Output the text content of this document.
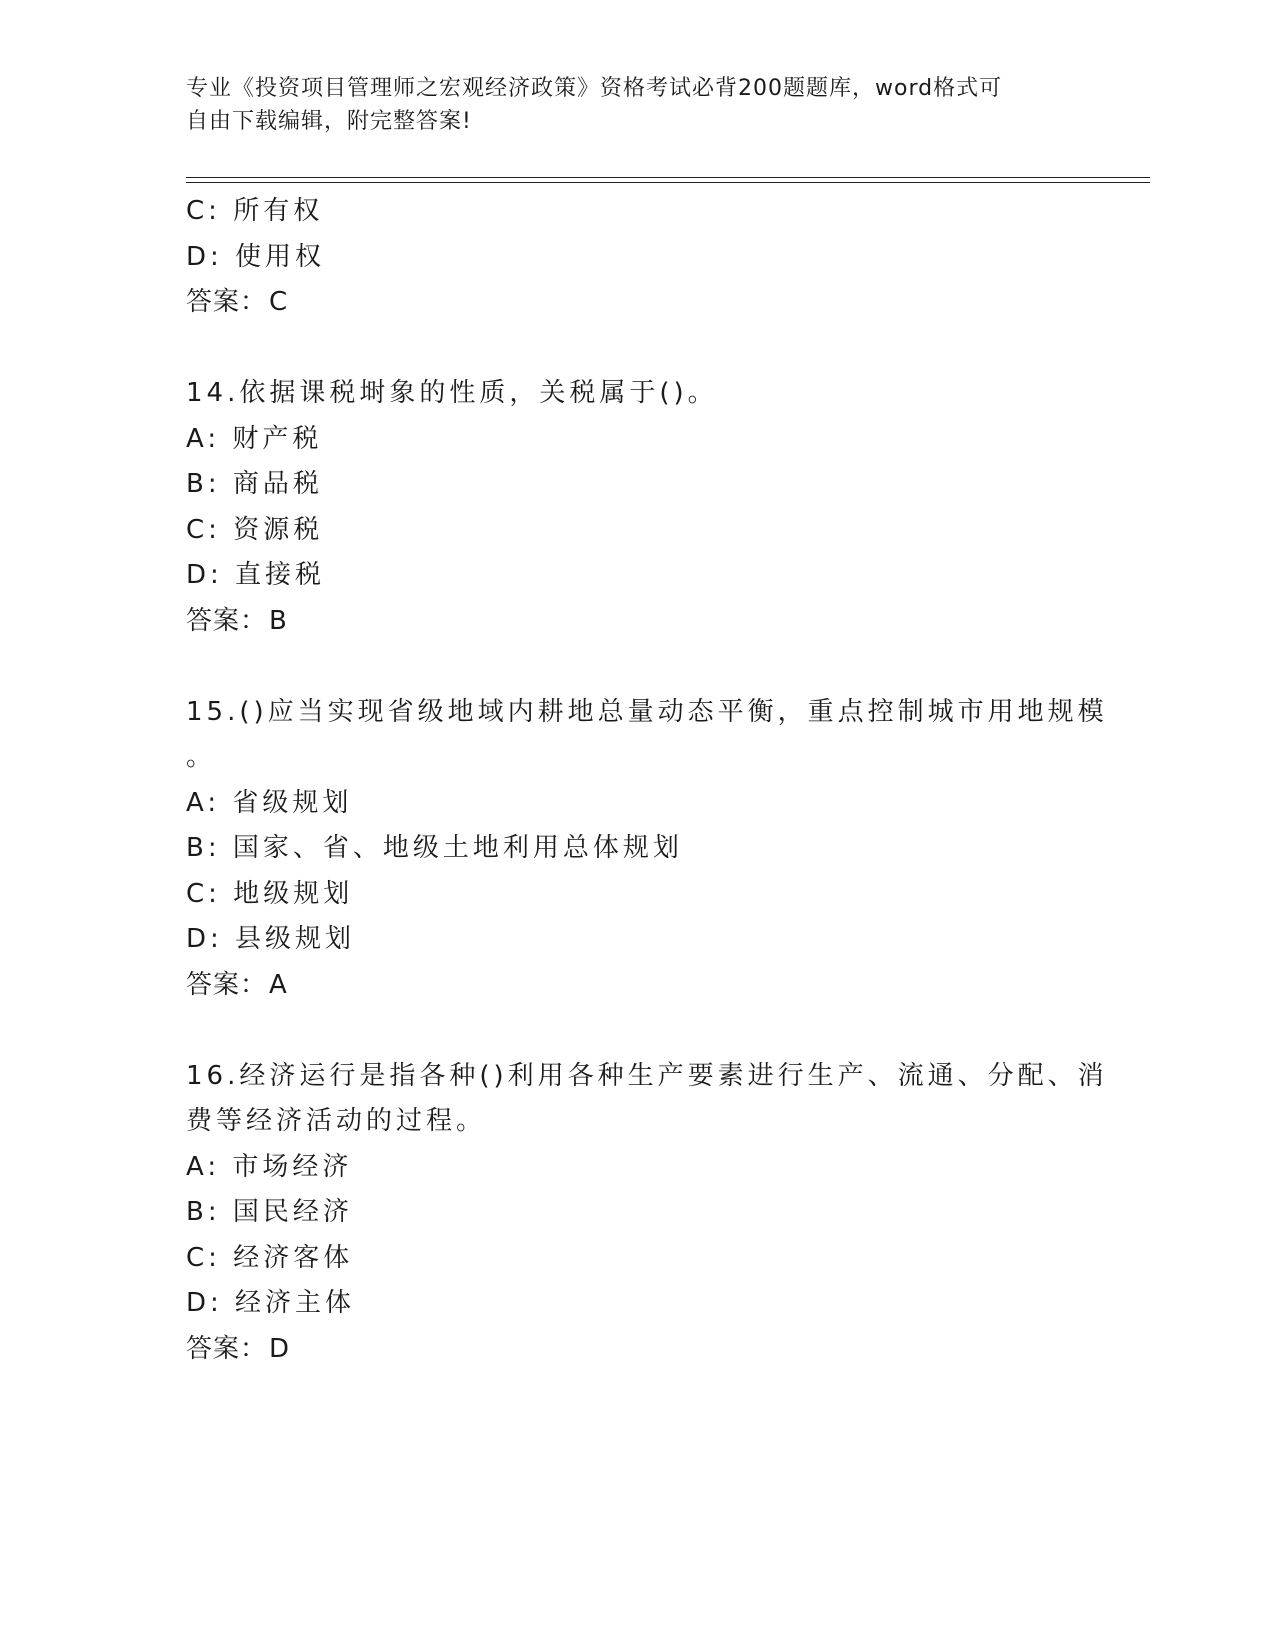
专业《投资项目管理师之宏观经济政策》资格考试必背200题题库，word格式可
自由下载编辑，附完整答案!
C: 所有权
D: 使用权
答案：C
14.依据课税埘象的性质，关税属于()。
A: 财产税
B: 商品税
C: 资源税
D: 直接税
答案：B
15.()应当实现省级地域内耕地总量动态平衡，重点控制城市用地规模
。
A: 省级规划
B: 国家、省、地级土地利用总体规划
C: 地级规划
D: 县级规划
答案：A
16.经济运行是指各种()利用各种生产要素进行生产、流通、分配、消
费等经济活动的过程。
A: 市场经济
B: 国民经济
C: 经济客体
D: 经济主体
答案：D
